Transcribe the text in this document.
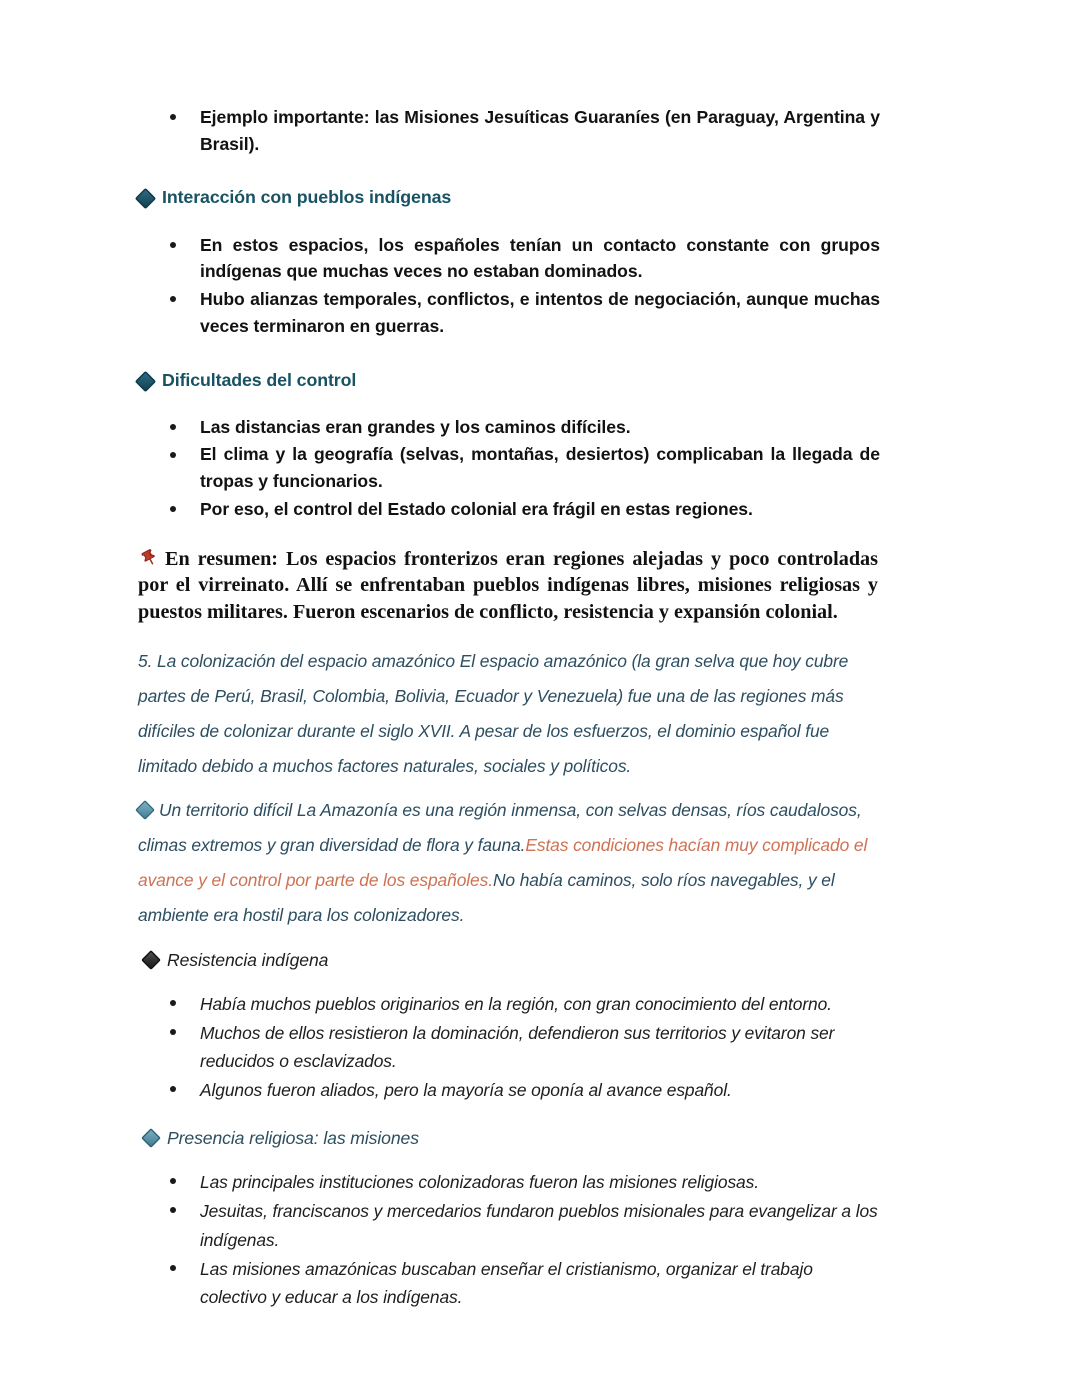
Ejemplo importante: las Misiones Jesuíticas Guaraníes (en Paraguay, Argentina y Brasil).
Interacción con pueblos indígenas
En estos espacios, los españoles tenían un contacto constante con grupos indígenas que muchas veces no estaban dominados.
Hubo alianzas temporales, conflictos, e intentos de negociación, aunque muchas veces terminaron en guerras.
Dificultades del control
Las distancias eran grandes y los caminos difíciles.
El clima y la geografía (selvas, montañas, desiertos) complicaban la llegada de tropas y funcionarios.
Por eso, el control del Estado colonial era frágil en estas regiones.

En resumen: Los espacios fronterizos eran regiones alejadas y poco controladas por el virreinato. Allí se enfrentaban pueblos indígenas libres, misiones religiosas y puestos militares. Fueron escenarios de conflicto, resistencia y expansión colonial.

5. La colonización del espacio amazónico El espacio amazónico (la gran selva que hoy cubre partes de Perú, Brasil, Colombia, Bolivia, Ecuador y Venezuela) fue una de las regiones más difíciles de colonizar durante el siglo XVII. A pesar de los esfuerzos, el dominio español fue limitado debido a muchos factores naturales, sociales y políticos.

Un territorio difícil La Amazonía es una región inmensa, con selvas densas, ríos caudalosos, climas extremos y gran diversidad de flora y fauna.Estas condiciones hacían muy complicado el avance y el control por parte de los españoles.No había caminos, solo ríos navegables, y el ambiente era hostil para los colonizadores.

Resistencia indígena
Había muchos pueblos originarios en la región, con gran conocimiento del entorno.
Muchos de ellos resistieron la dominación, defendieron sus territorios y evitaron ser reducidos o esclavizados.
Algunos fueron aliados, pero la mayoría se oponía al avance español.
Presencia religiosa: las misiones
Las principales instituciones colonizadoras fueron las misiones religiosas.
Jesuitas, franciscanos y mercedarios fundaron pueblos misionales para evangelizar a los indígenas.
Las misiones amazónicas buscaban enseñar el cristianismo, organizar el trabajo colectivo y educar a los indígenas.
